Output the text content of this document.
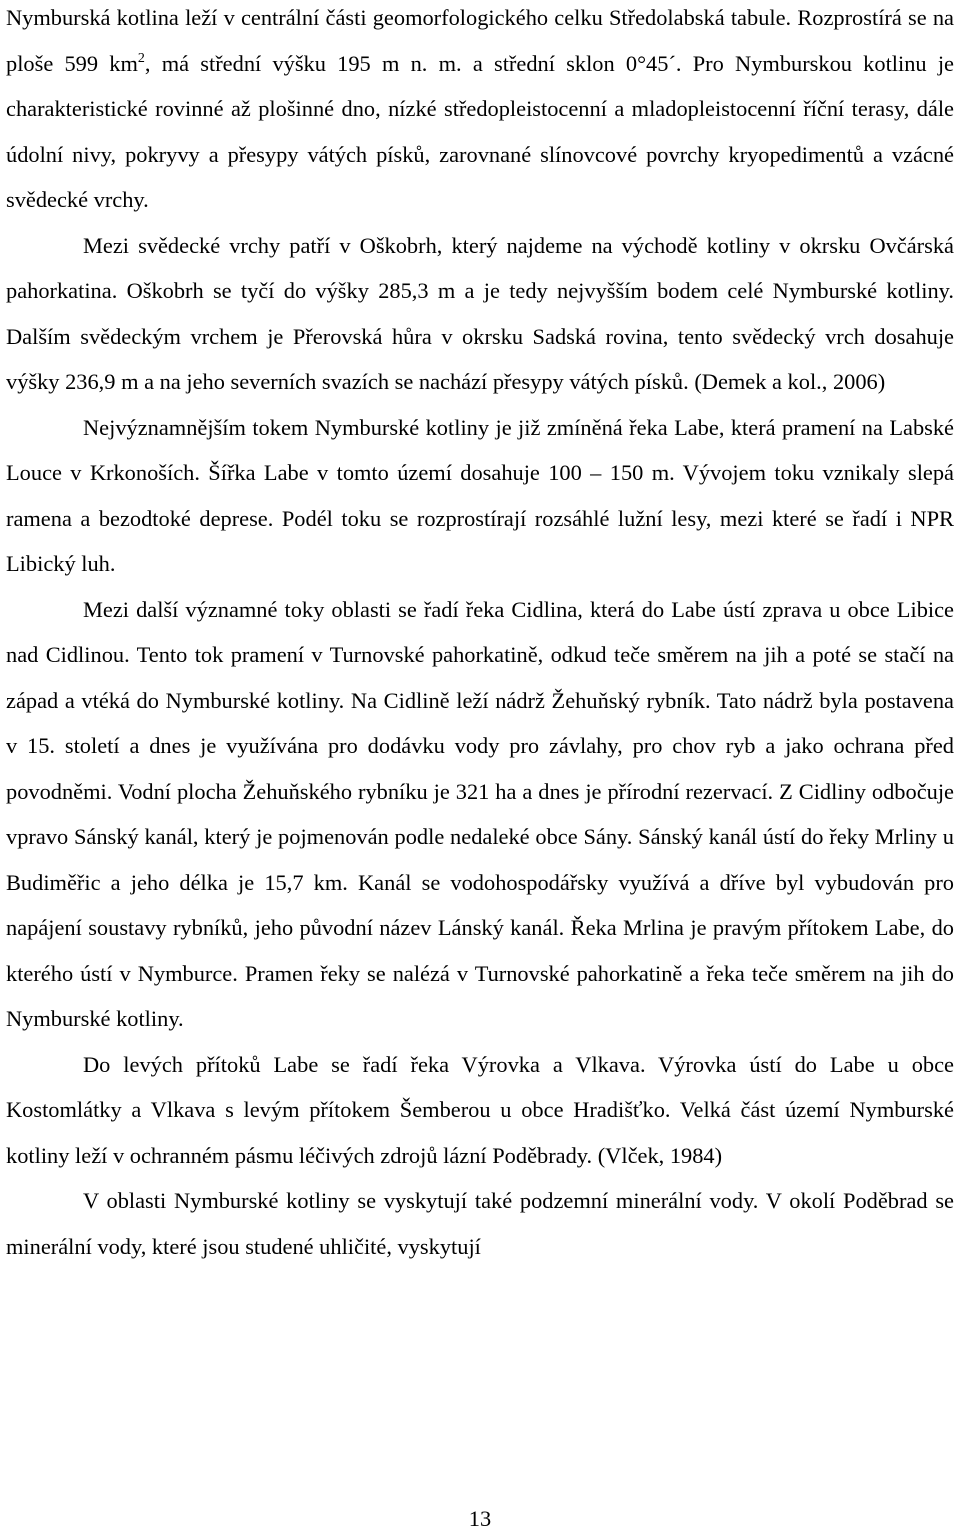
Nymburská kotlina leží v centrální části geomorfologického celku Středolabská tabule. Rozprostírá se na ploše 599 $km^2$, má střední výšku 195 m n. m. a střední sklon 0°45´. Pro Nymburskou kotlinu je charakteristické rovinné až plošinné dno, nízké středopleistocenní a mladopleistocenní říční terasy, dále údolní nivy, pokryvy a přesypy vátých písků, zarovnané slínovcové povrchy kryopedimentů a vzácné svědecké vrchy.

Mezi svědecké vrchy patří v Oškobrh, který najdeme na východě kotliny v okrsku Ovčárská pahorkatina. Oškobrh se tyčí do výšky 285,3 m a je tedy nejvyšším bodem celé Nymburské kotliny. Dalším svědeckým vrchem je Přerovská hůra v okrsku Sadská rovina, tento svědecký vrch dosahuje výšky 236,9 m a na jeho severních svazích se nachází přesypy vátých písků. (Demek a kol., 2006)

Nejvýznamnějším tokem Nymburské kotliny je již zmíněná řeka Labe, která pramení na Labské Louce v Krkonoších. Šířka Labe v tomto území dosahuje 100 – 150 m. Vývojem toku vznikaly slepá ramena a bezodtoké deprese. Podél toku se rozprostírají rozsáhlé lužní lesy, mezi které se řadí i NPR Libický luh.

Mezi další významné toky oblasti se řadí řeka Cidlina, která do Labe ústí zprava u obce Libice nad Cidlinou. Tento tok pramení v Turnovské pahorkatině, odkud teče směrem na jih a poté se stačí na západ a vtéká do Nymburské kotliny. Na Cidlině leží nádrž Žehuňský rybník. Tato nádrž byla postavena v 15. století a dnes je využívána pro dodávku vody pro závlahy, pro chov ryb a jako ochrana před povodněmi. Vodní plocha Žehuňského rybníku je 321 ha a dnes je přírodní rezervací. Z Cidliny odbočuje vpravo Sánský kanál, který je pojmenován podle nedaleké obce Sány. Sánský kanál ústí do řeky Mrliny u Budiměřic a jeho délka je 15,7 km. Kanál se vodohospodářsky využívá a dříve byl vybudován pro napájení soustavy rybníků, jeho původní název Lánský kanál. Řeka Mrlina je pravým přítokem Labe, do kterého ústí v Nymburce. Pramen řeky se nalézá v Turnovské pahorkatině a řeka teče směrem na jih do Nymburské kotliny.

Do levých přítoků Labe se řadí řeka Výrovka a Vlkava. Výrovka ústí do Labe u obce Kostomlátky a Vlkava s levým přítokem Šemberou u obce Hradišťko. Velká část území Nymburské kotliny leží v ochranném pásmu léčivých zdrojů lázní Poděbrady. (Vlček, 1984)

V oblasti Nymburské kotliny se vyskytují také podzemní minerální vody. V okolí Poděbrad se minerální vody, které jsou studené uhličité, vyskytují

13
